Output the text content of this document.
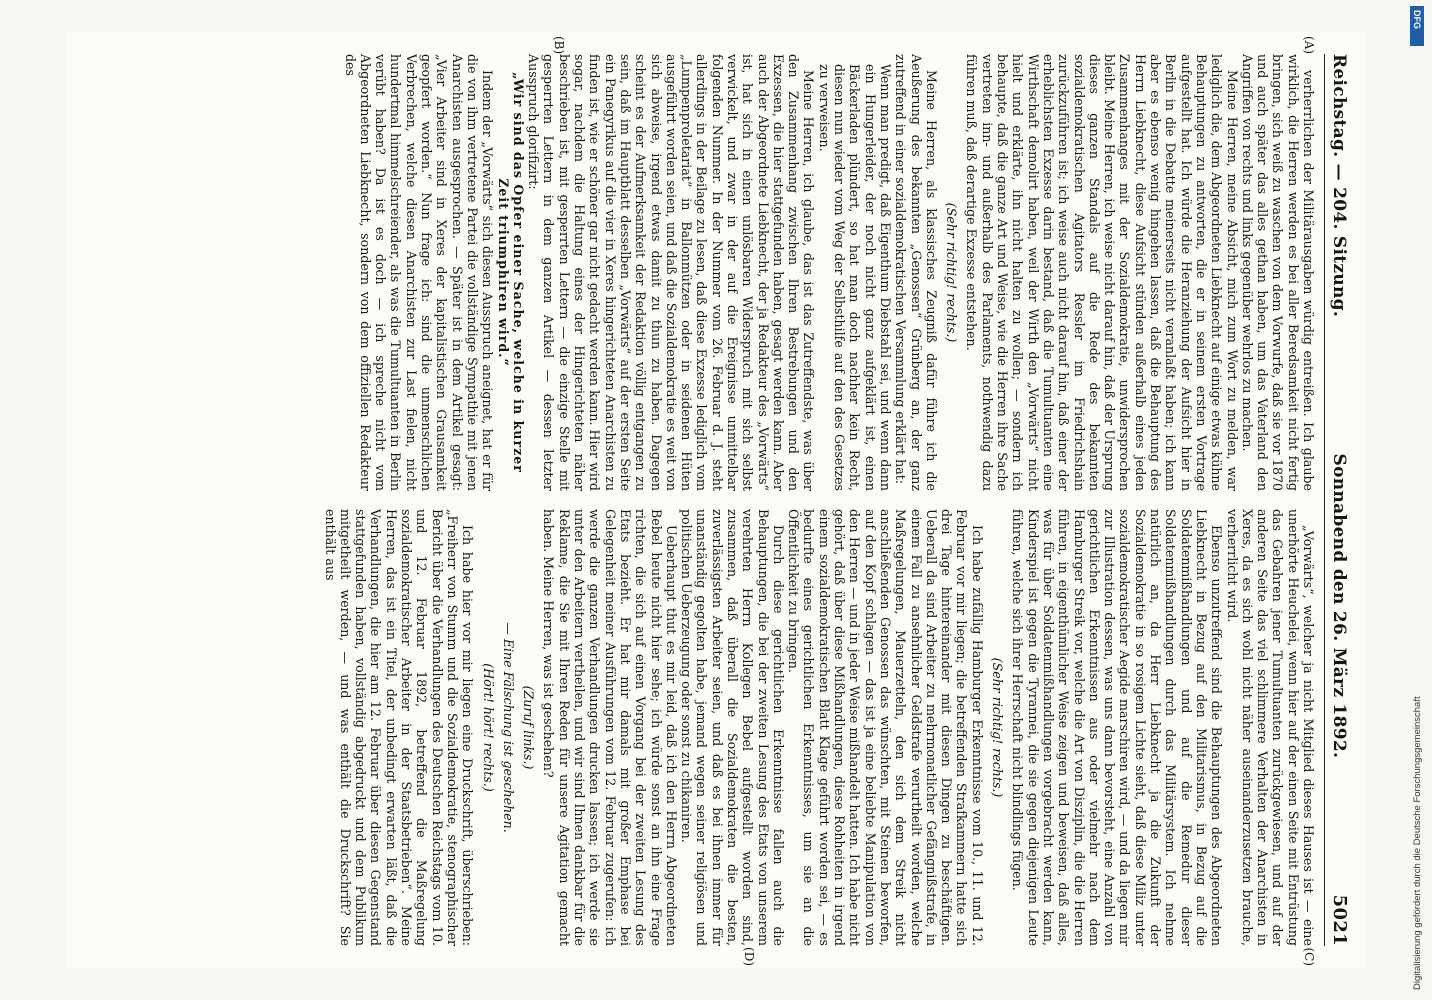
Reichstag. — 204. Sitzung.
Sonnabend den 26. März 1892.
5021
(A)
(B)

verherrlichen der Militärausgaben würdig entreißen. Ich glaube wirklich, die Herren werden es bei aller Beredsamkeit nicht fertig bringen, sich weiß zu waschen von dem Vorwurfe, daß sie vor 1870 und auch später das alles gethan haben, um das Vaterland den Angriffen von rechts und links gegenüber wehrlos zu machen.

Meine Herren, meine Absicht, mich zum Wort zu melden, war lediglich die, dem Abgeordneten Liebknecht auf einige etwas kühne Behauptungen zu antworten, die er in seinem ersten Vortrage aufgestellt hat. Ich würde die Heranziehung der Aufsicht hier in Berlin in die Debatte meinerseits nicht veranlaßt haben; ich kann aber es ebenso wenig hingehen lassen, daß die Behauptung des Herrn Liebknecht, diese Aufsicht stünden außerhalb eines jeden Zusammenhanges mit der Sozialdemokratie, unwidersprochen bleibt. Meine Herren, ich weise nicht darauf hin, daß der Ursprung dieses ganzen Standals auf die Rede des bekannten sozialdemokratischen Agitators Ressler im Friedrichshain zurückzuführen ist; ich weise auch nicht darauf hin, daß einer der erheblichsten Exzesse darin bestand, daß die Tumultuanten eine Wirthschaft demolirt haben, weil der Wirth den „Vorwärts“ nicht hielt und erklärte, ihn nicht halten zu wollen; — sondern ich behaupte, daß die ganze Art und Weise, wie die Herren ihre Sache vertreten inn- und außerhalb des Parlaments, nothwendig dazu führen muß, daß derartige Exzesse entstehen.

(Sehr richtig! rechts.)

Meine Herren, als klassisches Zeugniß dafür führe ich die Aeußerung des bekannten „Genossen“ Grünberg an, der ganz zutreffend in einer sozialdemokratischen Versammlung erklärt hat:

Wenn man predigt, daß Eigenthum Diebstahl sei, und wenn dann ein Hungerleider, der noch nicht ganz aufgeklärt ist, einen Bäckerladen plündert, so hat man doch nachher kein Recht, diesen nun wieder vom Weg der Selbsthilfe auf den des Gesetzes zu verweisen.

Meine Herren, ich glaube, das ist das Zutreffendste, was über den Zusammenhang zwischen Ihren Bestrebungen und den Exzessen, die hier stattgefunden haben, gesagt werden kann. Aber auch der Abgeordnete Liebknecht, der ja Redakteur des „Vorwärts“ ist, hat sich in einen unlösbaren Widerspruch mit sich selbst verwickelt, und zwar in der auf die Ereignisse unmittelbar folgenden Nummer. In der Nummer vom 26. Februar d. J. steht allerdings in der Beilage zu lesen, daß diese Exzesse lediglich vom „Lumpenproletariat“ in Ballonmützen oder in seidenen Hüten ausgeführt worden seien, und daß die Sozialdemokratie es weit von sich abweise, irgend etwas damit zu thun zu haben. Dagegen scheint es der Aufmerksamkeit der Redaktion völlig entgangen zu sein, daß im Hauptblatt desselben „Vorwärts“ auf der ersten Seite ein Panegyrikus auf die vier in Xeres hingerichteten Anarchisten zu finden ist, wie er schöner gar nicht gedacht werden kann. Hier wird sogar, nachdem die Haltung eines der Hingerichteten näher beschrieben ist, mit gesperrten Lettern — die einzige Stelle mit gesperrten Lettern in dem ganzen Artikel — dessen letzter Ausspruch glorifizirt:

„Wir sind das Opfer einer Sache, welche in kurzer Zeit triumphiren wird.“

Indem der „Vorwärts“ sich diesen Ausspruch aneignet, hat er für die von ihm vertretene Partei die vollständige Sympathie mit jenen Anarchisten ausgesprochen. — Später ist in dem Artikel gesagt: „Vier Arbeiter sind in Xeres der kapitalistischen Grausamkeit geopfert worden.“ Nun frage ich: sind die unmenschlichen Verbrechen, welche diesen Anarchisten zur Last fielen, nicht hundertmal himmelschreiender, als was die Tumultuanten in Berlin verübt haben? Da ist es doch — ich spreche nicht vom Abgeordneten Liebknecht, sondern von dem offiziellen Redakteur des

(C)
(D)

„Vorwärts“, welcher ja nicht Mitglied dieses Hauses ist — eine unerhörte Heuchelei, wenn hier auf der einen Seite mit Entrüstung das Gebahren jener Tumultuanten zurückgewiesen, und auf der anderen Seite das viel schlimmere Verhalten der Anarchisten in Xeres, da es sich wohl nicht näher auseinanderzusetzen brauche, verherrlicht wird.

Ebenso unzutreffend sind die Behauptungen des Abgeordneten Liebknecht in Bezug auf den Militarismus, in Bezug auf die Soldatenmißhandlungen und auf die Remedur dieser Soldatenmißhandlungen durch das Militärsystem. Ich nehme natürlich an, da Herr Liebknecht ja die Zukunft der Sozialdemokratie in so rosigem Lichte sieht, daß diese Miliz unter sozialdemokratischer Aegide marschiren wird, — und da liegen mir zur Illustration dessen, was uns dann bevorsteht, eine Anzahl von gerichtlichen Erkenntnissen aus oder vielmehr nach dem Hamburger Streik vor, welche die Art von Disziplin, die die Herren führen, in eigenthümlicher Weise zeigen und beweisen, daß alles, was für über Soldatenmißhandlungen vorgebracht werden kann, Kinderspiel ist gegen die Tyrannei, die sie gegen diejenigen Leute führen, welche sich ihrer Herrschaft nicht blindlings fügen.

(Sehr richtig! rechts.)

Ich habe zufällig Hamburger Erkenntnisse vom 10., 11. und 12. Februar vor mir liegen; die betreffenden Strafkammern hatte sich drei Tage hintereinander mit diesen Dingen zu beschäftigen. Ueberall da sind Arbeiter zu mehrmonatlicher Gefängnißstrafe, in einem Fall zu ansehnlicher Geldstrafe verurtheilt worden, welche Maßregelungen, Mauerzetteln, den sich dem Streik nicht anschließenden Genossen das wünschten, mit Steinen beworfen, auf den Kopf schlagen — das ist ja eine beliebte Manipulation von den Herren — und in jeder Weise mißhandelt hatten. Ich habe nicht gehört, daß über diese Mißhandlungen, diese Rohheiten in irgend einem sozialdemokratischen Blatt Klage geführt worden sei, — es bedurfte eines gerichtlichen Erkenntnisses, um sie an die Öffentlichkeit zu bringen.

Durch diese gerichtlichen Erkenntnisse fallen auch die Behauptungen, die bei der zweiten Lesung des Etats von unserem verehrten Herrn Kollegen Bebel aufgestellt worden sind, zusammen, daß überall die Sozialdemokraten die besten, zuverlässigsten Arbeiter seien, und daß es bei ihnen immer für unanständig gegolten habe, jemand wegen seiner religiösen und politischen Ueberzeugung oder sonst zu chikaniren.

Ueberhaupt thut es mir leid, daß ich den Herrn Abgeordneten Bebel heute nicht hier sehe; ich würde sonst an ihn eine Frage richten, die sich auf einen Vorgang bei der zweiten Lesung des Etats bezieht. Er hat mir damals mit großer Emphase bei Gelegenheit meiner Ausführungen vom 12. Februar zugerufen: ich werde die ganzen Verhandlungen drucken lassen; ich werde sie unter den Arbeitern vertheilen, und wir sind Ihnen dankbar für die Reklame, die Sie mit Ihren Reden für unsere Agitation gemacht haben. Meine Herren, was ist geschehen?

(Zuruf links.)

— Eine Fälschung ist geschehen.

(Hört! hört! rechts.)

Ich habe hier vor mir liegen eine Druckschrift, überschrieben: „Freiherr von Stumm und die Sozialdemokratie, stenographischer Bericht über die Verhandlungen des Deutschen Reichstags vom 10. und 12. Februar 1892, betreffend die Maßregelung sozialdemokratischer Arbeiter in der Staatsbetrieben“. Meine Herren, das ist ein Titel, der unbedingt erwarten läßt, daß die Verhandlungen, die hier am 12. Februar über diesen Gegenstand stattgefunden haben, vollständig abgedruckt und dem Publikum mitgetheilt werden, — und was enthält die Druckschrift? Sie enthält aus

DFG
Digitalisierung gefördert durch die Deutsche Forschungsgemeinschaft
